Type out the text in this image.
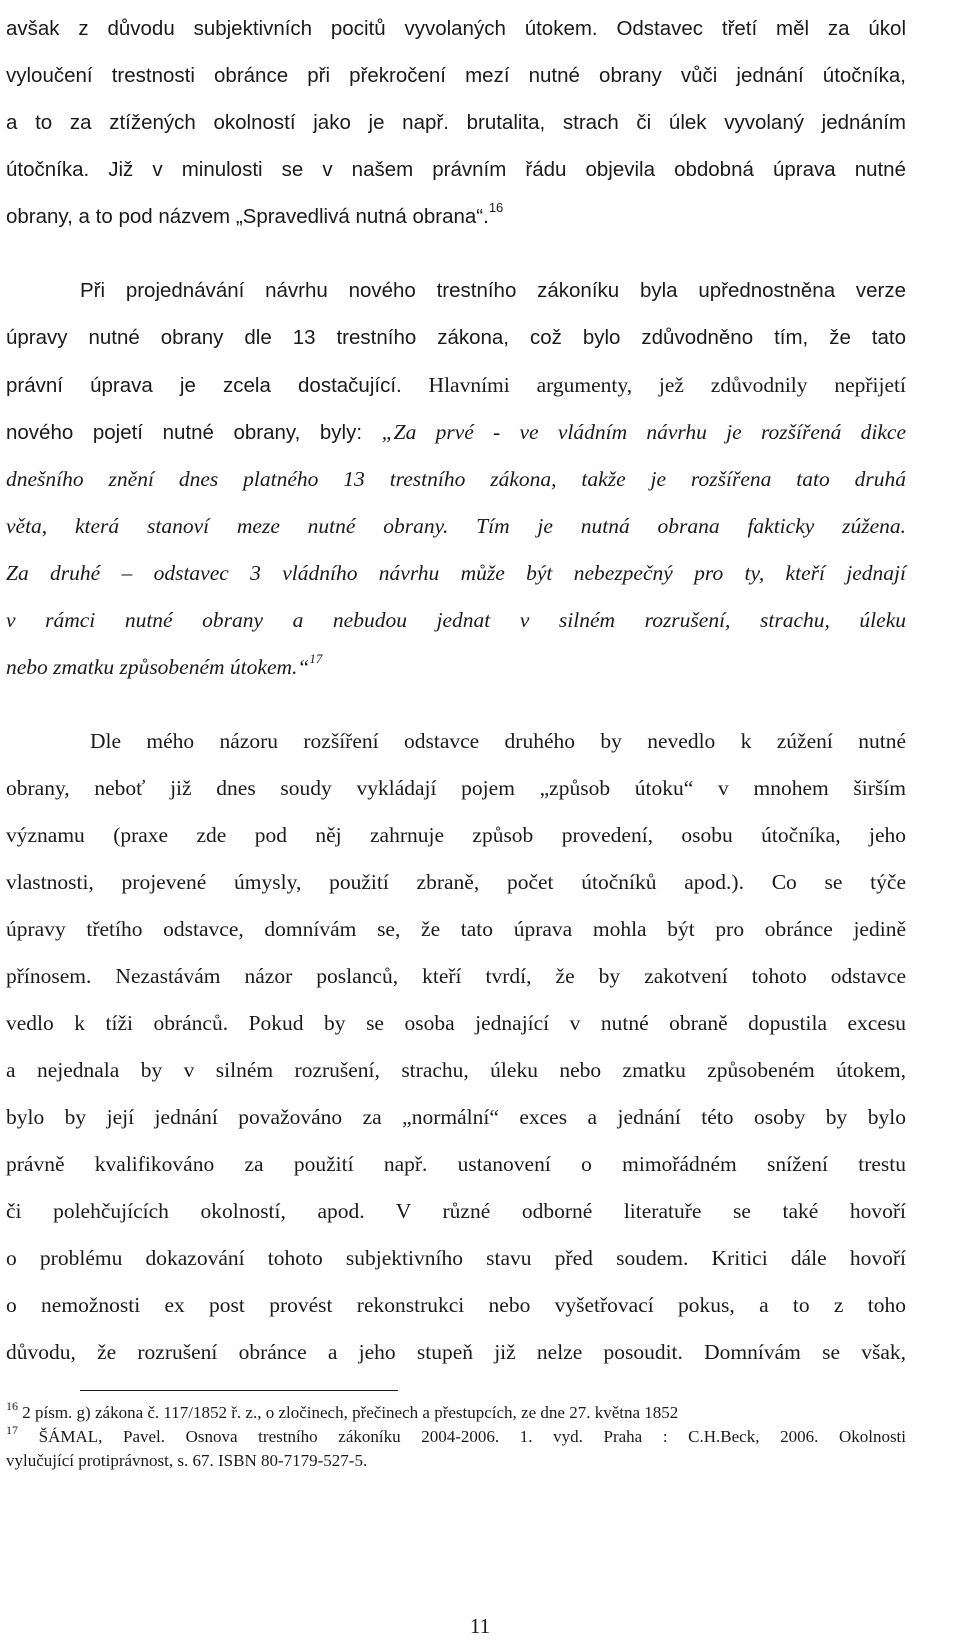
avšak z důvodu subjektivních pocitů vyvolaných útokem. Odstavec třetí měl za úkol
vyloučení trestnosti obránce při překročení mezí nutné obrany vůči jednání útočníka,
a to za ztížených okolností jako je např. brutalita, strach či úlek vyvolaný jednáním
útočníka. Již v minulosti se v našem právním řádu objevila obdobná úprava nutné
obrany, a to pod názvem „Spravedlivá nutná obrana“.$^{16}$
Při projednávání návrhu nového trestního zákoníku byla upřednostněna verze
úpravy nutné obrany dle 13 trestního zákona, což bylo zdůvodněno tím, že tato
právní úprava je zcela dostačující. Hlavními argumenty, jež zdůvodnily nepřijetí
nového pojetí nutné obrany, byly: „Za prvé - ve vládním návrhu je rozšířená dikce
dnešního znění dnes platného 13 trestního zákona, takže je rozšířena tato druhá
věta, která stanoví meze nutné obrany. Tím je nutná obrana fakticky zúžena.
Za druhé – odstavec 3 vládního návrhu může být nebezpečný pro ty, kteří jednají
v rámci nutné obrany a nebudou jednat v silném rozrušení, strachu, úleku
nebo zmatku způsobeném útokem.“$^{17}$
Dle mého názoru rozšíření odstavce druhého by nevedlo k zúžení nutné
obrany, neboť již dnes soudy vykládají pojem „způsob útoku“ v mnohem širším
významu (praxe zde pod něj zahrnuje způsob provedení, osobu útočníka, jeho
vlastnosti, projevené úmysly, použití zbraně, počet útočníků apod.). Co se týče
úpravy třetího odstavce, domnívám se, že tato úprava mohla být pro obránce jedině
přínosem. Nezastávám názor poslanců, kteří tvrdí, že by zakotvení tohoto odstavce
vedlo k tíži obránců. Pokud by se osoba jednající v nutné obraně dopustila excesu
a nejednala by v silném rozrušení, strachu, úleku nebo zmatku způsobeném útokem,
bylo by její jednání považováno za „normální“ exces a jednání této osoby by bylo
právně kvalifikováno za použití např. ustanovení o mimořádném snížení trestu
či polehčujících okolností, apod. V různé odborné literatuře se také hovoří
o problému dokazování tohoto subjektivního stavu před soudem. Kritici dále hovoří
o nemožnosti ex post provést rekonstrukci nebo vyšetřovací pokus, a to z toho
důvodu, že rozrušení obránce a jeho stupeň již nelze posoudit. Domnívám se však,
$^{16}$ 2 písm. g) zákona č. 117/1852 ř. z., o zločinech, přečinech a přestupcích, ze dne 27. května 1852
$^{17}$ ŠÁMAL, Pavel. Osnova trestního zákoníku 2004-2006. 1. vyd. Praha : C.H.Beck, 2006. Okolnosti
vylučující protiprávnost, s. 67. ISBN 80-7179-527-5.
11
